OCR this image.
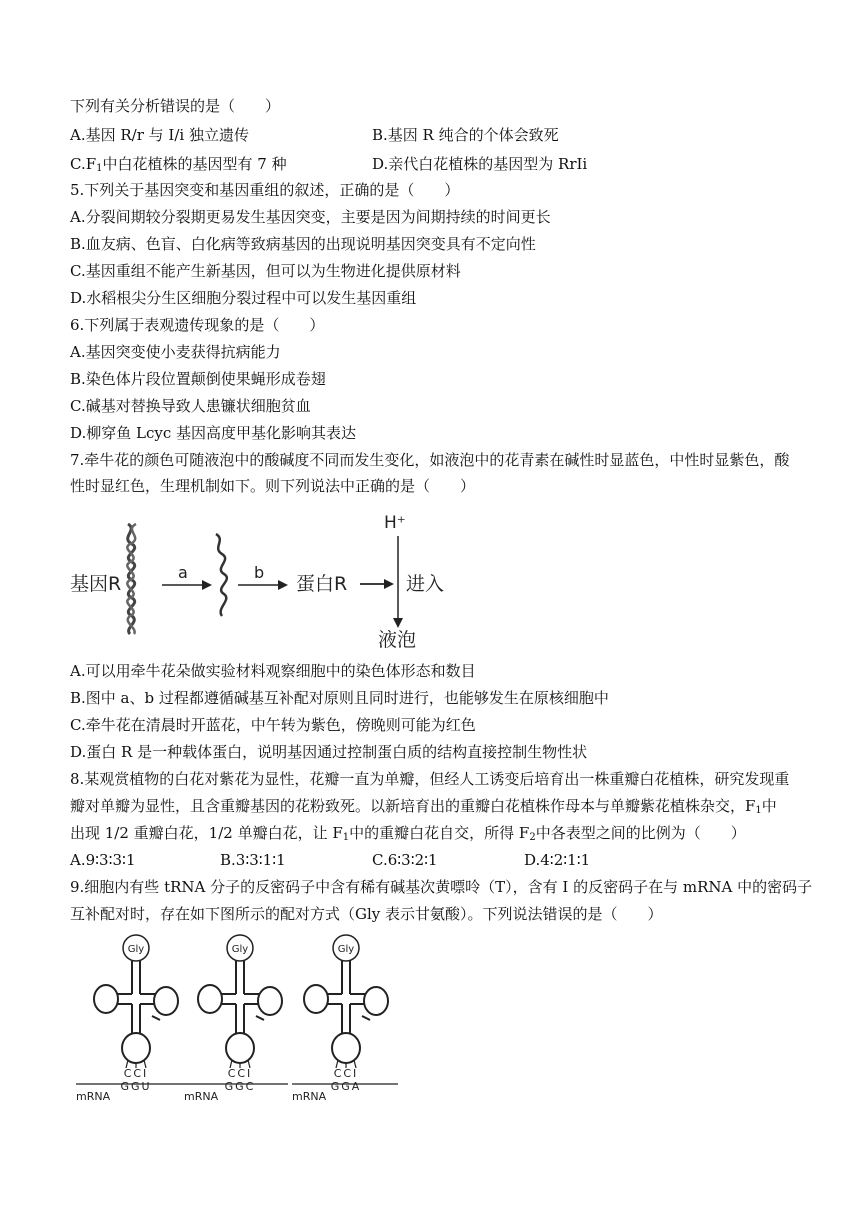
下列有关分析错误的是（　　）
A.基因 R/r 与 I/i 独立遗传	B.基因 R 纯合的个体会致死
$C.F_1$中白花植株的基因型有 7 种	D.亲代白花植株的基因型为 RrIi
5.下列关于基因突变和基因重组的叙述，正确的是（　　）
A.分裂间期较分裂期更易发生基因突变，主要是因为间期持续的时间更长
B.血友病、色盲、白化病等致病基因的出现说明基因突变具有不定向性
C.基因重组不能产生新基因，但可以为生物进化提供原材料
D.水稻根尖分生区细胞分裂过程中可以发生基因重组
6.下列属于表观遗传现象的是（　　）
A.基因突变使小麦获得抗病能力
B.染色体片段位置颠倒使果蝇形成卷翅
C.碱基对替换导致人患镰状细胞贫血
D.柳穿鱼 Lcyc 基因高度甲基化影响其表达
7.牵牛花的颜色可随液泡中的酸碱度不同而发生变化，如液泡中的花青素在碱性时显蓝色，中性时显紫色，酸
性时显红色，生理机制如下。则下列说法中正确的是（　　）
基因R
a	b
蛋白R
H⁺
进入
液泡
A.可以用牵牛花朵做实验材料观察细胞中的染色体形态和数目
B.图中 a、b 过程都遵循碱基互补配对原则且同时进行，也能够发生在原核细胞中
C.牵牛花在清晨时开蓝花，中午转为紫色，傍晚则可能为红色
D.蛋白 R 是一种载体蛋白，说明基因通过控制蛋白质的结构直接控制生物性状
8.某观赏植物的白花对紫花为显性，花瓣一直为单瓣，但经人工诱变后培育出一株重瓣白花植株，研究发现重
瓣对单瓣为显性，且含重瓣基因的花粉致死。以新培育出的重瓣白花植株作母本与单瓣紫花植株杂交，$F_1$中
出现 1/2 重瓣白花，1/2 单瓣白花，让 $F_1$中的重瓣白花自交，所得 $F_2$中各表型之间的比例为（　　）
A.9∶3∶3∶1	B.3∶3∶1∶1	C.6∶3∶2∶1	D.4∶2∶1∶1
9.细胞内有些 tRNA 分子的反密码子中含有稀有碱基次黄嘌呤（T），含有 I 的反密码子在与 mRNA 中的密码子
互补配对时，存在如下图所示的配对方式（Gly 表示甘氨酸）。下列说法错误的是（　　）
Gly
CCI
GGU
mRNA
Gly
CCI
GGC
mRNA
Gly
CCI
GGA
mRNA
